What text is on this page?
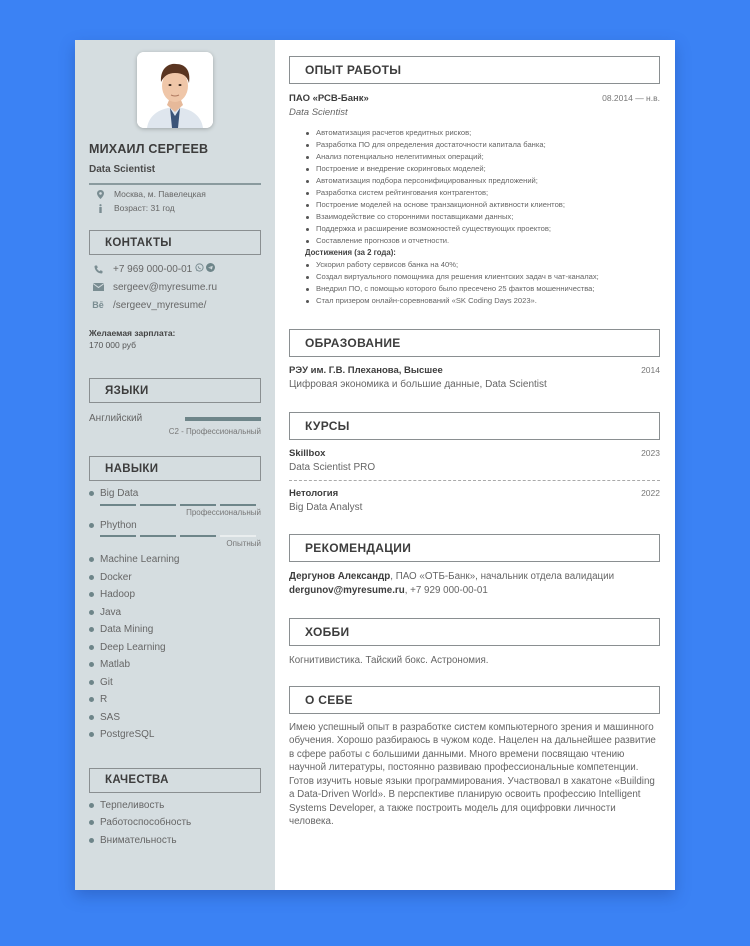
МИХАИЛ СЕРГЕЕВ
Data Scientist
Москва, м. Павелецкая
Возраст: 31 год
КОНТАКТЫ
+7 969 000-00-01
sergeev@myresume.ru
Bē /sergeev_myresume/
Желаемая зарплата:
170 000 руб
ЯЗЫКИ
Английский
C2 - Профессиональный
НАВЫКИ
Big Data
Профессиональный
Phython
Опытный
Machine Learning
Docker
Hadoop
Java
Data Mining
Deep Learning
Matlab
Git
R
SAS
PostgreSQL
КАЧЕСТВА
Терпеливость
Работоспособность
Внимательность
ОПЫТ РАБОТЫ
ПАО «РСВ-Банк»	08.2014 — н.в.
Data Scientist
Автоматизация расчетов кредитных рисков;
Разработка ПО для определения достаточности капитала банка;
Анализ потенциально нелегитимных операций;
Построение и внедрение скоринговых моделей;
Автоматизация подбора персонифицированных предложений;
Разработка систем рейтингования контрагентов;
Построение моделей на основе транзакционной активности клиентов;
Взаимодействие со сторонними поставщиками данных;
Поддержка и расширение возможностей существующих проектов;
Составление прогнозов и отчетности.
Достижения (за 2 года):
Ускорил работу сервисов банка на 40%;
Создал виртуального помощника для решения клиентских задач в чат-каналах;
Внедрил ПО, с помощью которого было пресечено 25 фактов мошенничества;
Стал призером онлайн-соревнований «SK Coding Days 2023».
ОБРАЗОВАНИЕ
РЭУ им. Г.В. Плеханова, Высшее	2014
Цифровая экономика и большие данные, Data Scientist
КУРСЫ
Skillbox	2023
Data Scientist PRO
Нетология	2022
Big Data Analyst
РЕКОМЕНДАЦИИ
Дергунов Александр, ПАО «ОТБ-Банк», начальник отдела валидации
dergunov@myresume.ru, +7 929 000-00-01
ХОББИ
Когнитивистика. Тайский бокс. Астрономия.
О СЕБЕ
Имею успешный опыт в разработке систем компьютерного зрения и машинного обучения. Хорошо разбираюсь в чужом коде. Нацелен на дальнейшее развитие в сфере работы с большими данными. Много времени посвящаю чтению научной литературы, постоянно развиваю профессиональные компетенции. Готов изучить новые языки программирования. Участвовал в хакатоне «Building a Data-Driven World». В перспективе планирую освоить профессию Intelligent Systems Developer, а также построить модель для оцифровки личности человека.
